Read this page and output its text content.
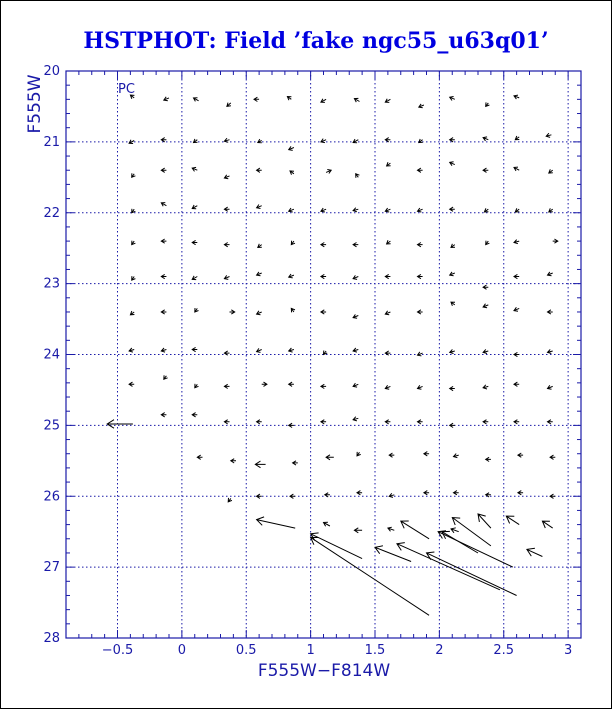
HSTPHOT: Field ’fake ngc55_u63q01’
−0.5	0	0.5	1	1.5	2	2.5	3
20
21
22
23
24
25
26
27
28
PC
F555W−F814W
F555W
